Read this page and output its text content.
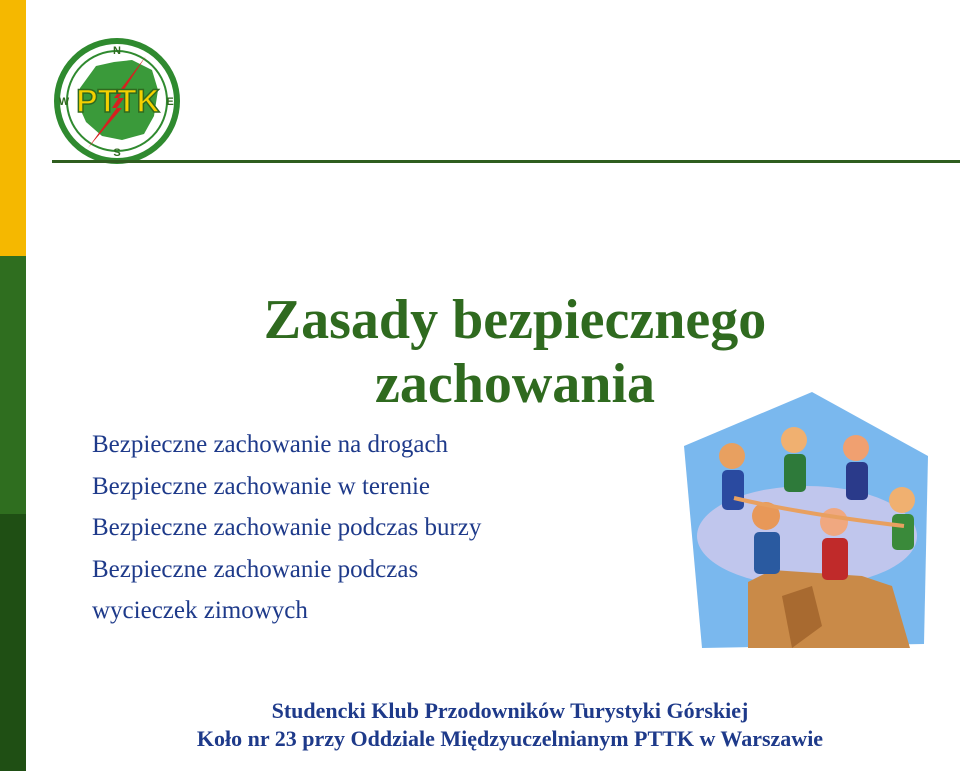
N
S
E
W PTTK
Zasady bezpiecznego
zachowania
Bezpieczne zachowanie na drogach
Bezpieczne zachowanie w terenie
Bezpieczne zachowanie podczas burzy
Bezpieczne zachowanie podczas
wycieczek zimowych
Studencki Klub Przodowników Turystyki Górskiej
Koło nr 23 przy Oddziale Międzyuczelnianym PTTK w Warszawie
